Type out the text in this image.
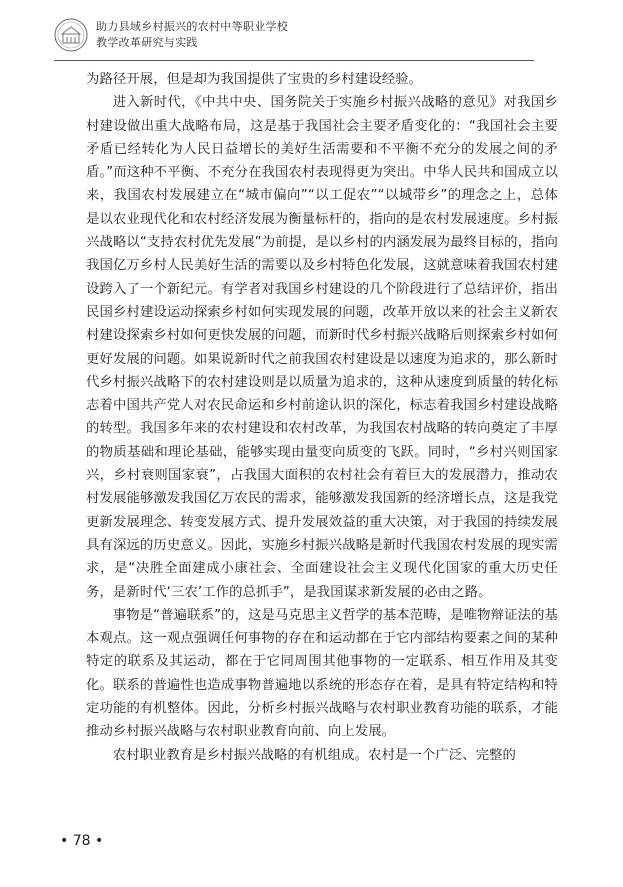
助力县域乡村振兴的农村中等职业学校
教学改革研究与实践

为路径开展，但是却为我国提供了宝贵的乡村建设经验。

进入新时代，《中共中央、国务院关于实施乡村振兴战略的意见》对我国乡村建设做出重大战略布局，这是基于我国社会主要矛盾变化的：“我国社会主要矛盾已经转化为人民日益增长的美好生活需要和不平衡不充分的发展之间的矛盾。”而这种不平衡、不充分在我国农村表现得更为突出。中华人民共和国成立以来，我国农村发展建立在“城市偏向”“以工促农”“以城带乡”的理念之上，总体是以农业现代化和农村经济发展为衡量标杆的，指向的是农村发展速度。乡村振兴战略以“支持农村优先发展”为前提，是以乡村的内涵发展为最终目标的，指向我国亿万乡村人民美好生活的需要以及乡村特色化发展，这就意味着我国农村建设跨入了一个新纪元。有学者对我国乡村建设的几个阶段进行了总结评价，指出民国乡村建设运动探索乡村如何实现发展的问题，改革开放以来的社会主义新农村建设探索乡村如何更快发展的问题，而新时代乡村振兴战略后则探索乡村如何更好发展的问题。如果说新时代之前我国农村建设是以速度为追求的，那么新时代乡村振兴战略下的农村建设则是以质量为追求的，这种从速度到质量的转化标志着中国共产党人对农民命运和乡村前途认识的深化，标志着我国乡村建设战略的转型。我国多年来的农村建设和农村改革，为我国农村战略的转向奠定了丰厚的物质基础和理论基础，能够实现由量变向质变的飞跃。同时，“乡村兴则国家兴，乡村衰则国家衰”，占我国大面积的农村社会有着巨大的发展潜力，推动农村发展能够激发我国亿万农民的需求，能够激发我国新的经济增长点，这是我党更新发展理念、转变发展方式、提升发展效益的重大决策，对于我国的持续发展具有深远的历史意义。因此，实施乡村振兴战略是新时代我国农村发展的现实需求，是“决胜全面建成小康社会、全面建设社会主义现代化国家的重大历史任务，是新时代‘三农’工作的总抓手”，是我国谋求新发展的必由之路。

事物是“普遍联系”的，这是马克思主义哲学的基本范畴，是唯物辩证法的基本观点。这一观点强调任何事物的存在和运动都在于它内部结构要素之间的某种特定的联系及其运动，都在于它同周围其他事物的一定联系、相互作用及其变化。联系的普遍性也造成事物普遍地以系统的形态存在着，是具有特定结构和特定功能的有机整体。因此，分析乡村振兴战略与农村职业教育功能的联系，才能推动乡村振兴战略与农村职业教育向前、向上发展。

农村职业教育是乡村振兴战略的有机组成。农村是一个广泛、完整的

• 78 •
